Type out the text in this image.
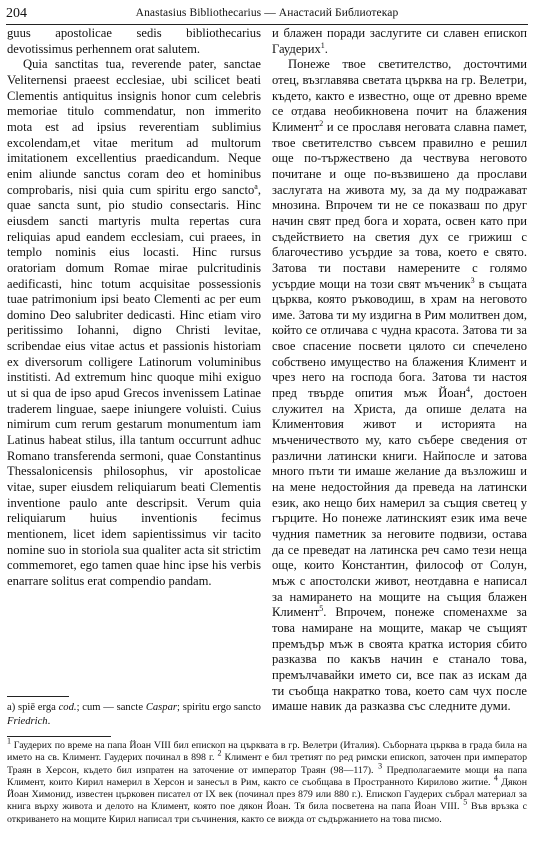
204	Anastasius Bibliothecarius — Анастасий Библиотекар

guus apostolicae sedis bibliothecarius devotissimus perhennem orat salutem.

Quia sanctitas tua, reverende pater, sanctae Veliternensi praeest ecclesiae, ubi scilicet beati Clementis antiquitus insignis honor cum celebris memoriae titulo commendatur, non immerito mota est ad ipsius reverentiam sublimius excolendam,et vitae meritum ad multorum imitationem excellentius praedicandum. Neque enim aliunde sanctus coram deo et hominibus comprobaris, nisi quia cum spiritu ergo sancto$^a$, quae sancta sunt, pio studio consectaris. Hinc eiusdem sancti martyris multa repertas cura reliquias apud eandem ecclesiam, cui praees, in templo nominis eius locasti. Hinc rursus oratoriam domum Romae mirae pulcritudinis aedificasti, hinc totum acquisitae possessionis tuae patrimonium ipsi beato Clementi ac per eum domino Deo salubriter dedicasti. Hinc etiam viro peritissimo Iohanni, digno Christi levitae, scribendae eius vitae actus et passionis historiam ex diversorum colligere Latinorum voluminibus institisti. Ad extremum hinc quoque mihi exiguo ut si qua de ipso apud Grecos invenissem Latinae traderem linguae, saepe iniungere voluisti. Cuius nimirum cum rerum gestarum monumentum iam Latinus habeat stilus, illa tantum occurrunt adhuc Romano transferenda sermoni, quae Constantinus Thessalonicensis philosophus, vir apostolicae vitae, super eiusdem reliquiarum beati Clementis inventione paulo ante descripsit. Verum quia reliquiarum huius inventionis fecimus mentionem, licet idem sapientissimus vir tacito nomine suo in storiola sua qualiter acta sit strictim commemoret, ego tamen quae hinc ipse his verbis enarrare solitus erat compendio pandam.

и блажен поради заслугите си славен епископ Гаудерих$^1$.

Понеже твое светителство, досточтими отец, възглавява светата църква на гр. Велетри, където, както е известно, още от древно време се отдава необикновена почит на блажения Климент$^2$ и се прославя неговата славна памет, твое светителство съвсем правилно е решил още по-тържествено да чествува неговото почитане и още по-възвишено да прослави заслугата на живота му, за да му подражават мнозина. Впрочем ти не се показваш по друг начин свят пред бога и хората, освен като при съдействието на светия дух се грижиш с благочестиво усърдие за това, което е свято. Затова ти постави намерените с голямо усърдие мощи на този свят мъченик$^3$ в същата църква, която ръководиш, в храм на неговото име. Затова ти му издигна в Рим молитвен дом, който се отличава с чудна красота. Затова ти за свое спасение посвети цялото си спечелено собствено имущество на блажения Климент и чрез него на господа бога. Затова ти настоя пред твърде опития мъж Йоан$^4$, достоен служител на Христа, да опише делата на Климентовия живот и историята на мъченичеството му, като събере сведения от различни латински книги. Найпосле и затова много пъти ти имаше желание да възложиш и на мене недостойния да преведа на латински език, ако нещо бих намерил за същия светец у гърците. Но понеже латинският език има вече чудния паметник за неговите подвизи, остава да се преведат на латинска реч само тези неща още, които Константин, философ от Солун, мъж с апостолски живот, неотдавна е написал за намирането на мощите на същия блажен Климент$^5$. Впрочем, понеже споменахме за това намиране на мощите, макар че същият премъдър мъж в своята кратка история сбито разказва по какъв начин е станало това, премълчавайки името си, все пак аз искам да ти съобща накратко това, което сам чух после имаше навик да разказва със следните думи.

a) spiē erga cod.; cum — sancte Caspar; spiritu ergo sancto Friedrich.

$^1$ Гаудерих по време на папа Йоан VIII бил епископ на църквата в гр. Велетри (Италия). Съборната църква в града била на името на св. Климент. Гаудерих починал в 898 г. $^2$ Климент е бил третият по ред римски епископ, заточен при император Траян в Херсон, където бил изпратен на заточение от император Траян (98—117). $^3$ Предполагаемите мощи на папа Климент, които Кирил намерил в Херсон и занесъл в Рим, както се съобщава в Пространното Кирилово житие. $^4$ Дякон Йоан Химонид, известен църковен писател от IX век (починал през 879 или 880 г.). Епископ Гаудерих събрал материал за книга върху живота и делото на Климент, която пое дякон Йоан. Тя била посветена на папа Йоан VIII. $^5$ Във връзка с откриването на мощите Кирил написал три съчинения, както се вижда от съдържанието на това писмо.
